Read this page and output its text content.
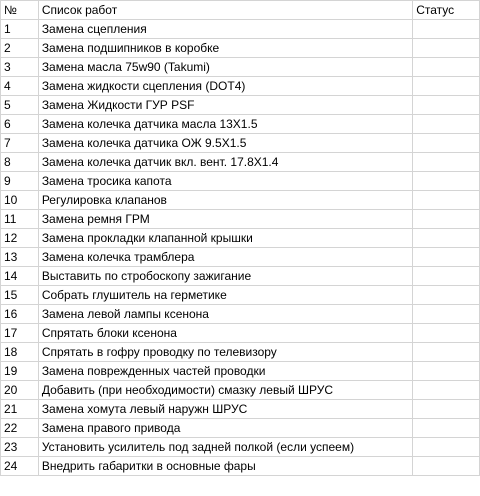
№	Список работ	Статус
1	Замена сцепления	
2	Замена подшипников в коробке	
3	Замена масла 75w90 (Takumi)	
4	Замена жидкости сцепления (DOT4)	
5	Замена Жидкости ГУР PSF	
6	Замена колечка датчика масла 13Х1.5	
7	Замена колечка датчика ОЖ 9.5Х1.5	
8	Замена колечка датчик вкл. вент. 17.8Х1.4	
9	Замена тросика капота	
10	Регулировка клапанов	
11	Замена ремня ГРМ	
12	Замена прокладки клапанной крышки	
13	Замена колечка трамблера	
14	Выставить по стробоскопу зажигание	
15	Собрать глушитель на герметике	
16	Замена левой лампы ксенона	
17	Спрятать блоки ксенона	
18	Спрятать в гофру проводку по телевизору	
19	Замена поврежденных частей проводки	
20	Добавить (при необходимости) смазку левый ШРУС	
21	Замена хомута левый наружн ШРУС	
22	Замена правого привода	
23	Установить усилитель под задней полкой (если успеем)	
24	Внедрить габаритки в основные фары	
